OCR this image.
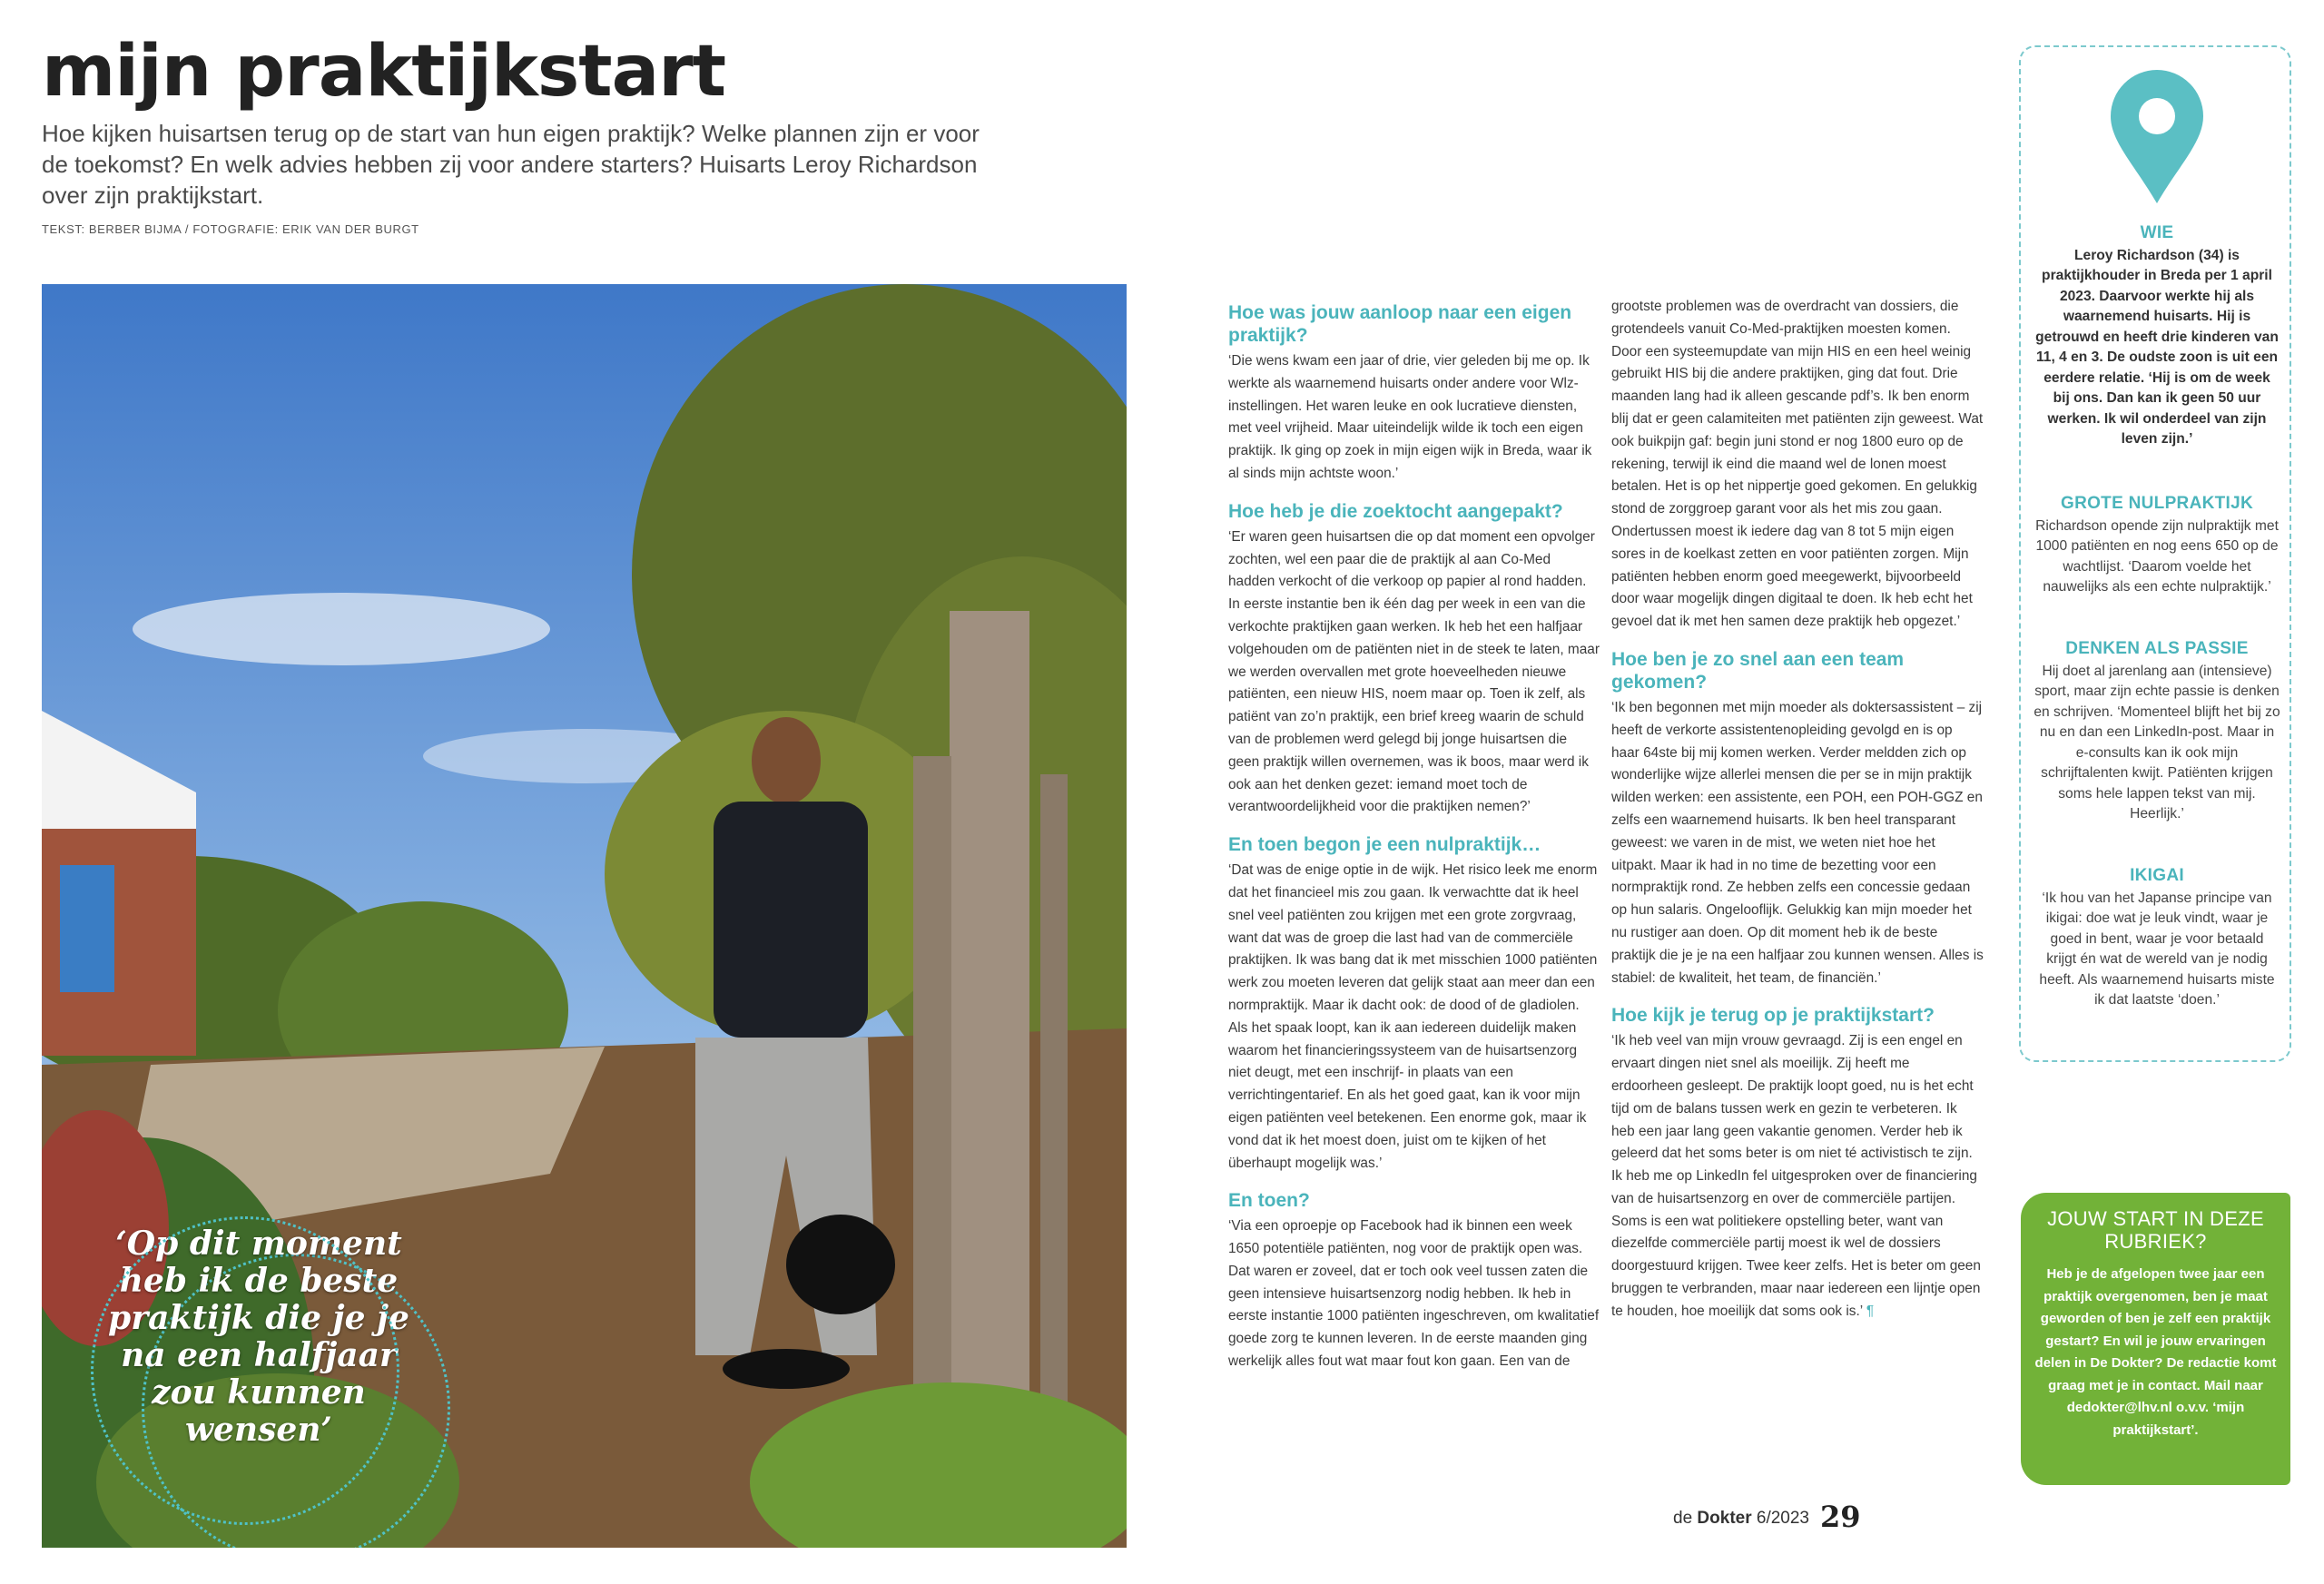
mijn praktijkstart

Hoe kijken huisartsen terug op de start van hun eigen praktijk? Welke plannen zijn er voor de toekomst? En welk advies hebben zij voor andere starters? Huisarts Leroy Richardson over zijn praktijkstart.

TEKST: BERBER BIJMA / FOTOGRAFIE: ERIK VAN DER BURGT
‘Op dit moment heb ik de beste praktijk die je je na een halfjaar zou kunnen wensen’
Hoe was jouw aanloop naar een eigen praktijk?

‘Die wens kwam een jaar of drie, vier geleden bij me op. Ik werkte als waarnemend huisarts onder andere voor Wlz-instellingen. Het waren leuke en ook lucratieve diensten, met veel vrijheid. Maar uiteindelijk wilde ik toch een eigen praktijk. Ik ging op zoek in mijn eigen wijk in Breda, waar ik al sinds mijn achtste woon.’

Hoe heb je die zoektocht aangepakt?

‘Er waren geen huisartsen die op dat moment een opvolger zochten, wel een paar die de praktijk al aan Co-Med hadden verkocht of die verkoop op papier al rond hadden. In eerste instantie ben ik één dag per week in een van die verkochte praktijken gaan werken. Ik heb het een halfjaar volgehouden om de patiënten niet in de steek te laten, maar we werden overvallen met grote hoeveelheden nieuwe patiënten, een nieuw HIS, noem maar op. Toen ik zelf, als patiënt van zo’n praktijk, een brief kreeg waarin de schuld van de problemen werd gelegd bij jonge huisartsen die geen praktijk willen overnemen, was ik boos, maar werd ik ook aan het denken gezet: iemand moet toch de verantwoordelijkheid voor die praktijken nemen?’

En toen begon je een nulpraktijk…

‘Dat was de enige optie in de wijk. Het risico leek me enorm dat het financieel mis zou gaan. Ik verwachtte dat ik heel snel veel patiënten zou krijgen met een grote zorgvraag, want dat was de groep die last had van de commerciële praktijken. Ik was bang dat ik met misschien 1000 patiënten werk zou moeten leveren dat gelijk staat aan meer dan een normpraktijk. Maar ik dacht ook: de dood of de gladiolen. Als het spaak loopt, kan ik aan iedereen duidelijk maken waarom het financieringssysteem van de huisartsenzorg niet deugt, met een inschrijf- in plaats van een verrichtingentarief. En als het goed gaat, kan ik voor mijn eigen patiënten veel betekenen. Een enorme gok, maar ik vond dat ik het moest doen, juist om te kijken of het überhaupt mogelijk was.’

En toen?

‘Via een oproepje op Facebook had ik binnen een week 1650 potentiële patiënten, nog voor de praktijk open was. Dat waren er zoveel, dat er toch ook veel tussen zaten die geen intensieve huisartsenzorg nodig hebben. Ik heb in eerste instantie 1000 patiënten ingeschreven, om kwalitatief goede zorg te kunnen leveren. In de eerste maanden ging werkelijk alles fout wat maar fout kon gaan. Een van de

grootste problemen was de overdracht van dossiers, die grotendeels vanuit Co-Med-praktijken moesten komen. Door een systeemupdate van mijn HIS en een heel weinig gebruikt HIS bij die andere praktijken, ging dat fout. Drie maanden lang had ik alleen gescande pdf’s. Ik ben enorm blij dat er geen calamiteiten met patiënten zijn geweest. Wat ook buikpijn gaf: begin juni stond er nog 1800 euro op de rekening, terwijl ik eind die maand wel de lonen moest betalen. Het is op het nippertje goed gekomen. En gelukkig stond de zorggroep garant voor als het mis zou gaan. Ondertussen moest ik iedere dag van 8 tot 5 mijn eigen sores in de koelkast zetten en voor patiënten zorgen. Mijn patiënten hebben enorm goed meegewerkt, bijvoorbeeld door waar mogelijk dingen digitaal te doen. Ik heb echt het gevoel dat ik met hen samen deze praktijk heb opgezet.’

Hoe ben je zo snel aan een team gekomen?

‘Ik ben begonnen met mijn moeder als doktersassistent – zij heeft de verkorte assistentenopleiding gevolgd en is op haar 64ste bij mij komen werken. Verder meldden zich op wonderlijke wijze allerlei mensen die per se in mijn praktijk wilden werken: een assistente, een POH, een POH-GGZ en zelfs een waarnemend huisarts. Ik ben heel transparant geweest: we varen in de mist, we weten niet hoe het uitpakt. Maar ik had in no time de bezetting voor een normpraktijk rond. Ze hebben zelfs een concessie gedaan op hun salaris. Ongelooflijk. Gelukkig kan mijn moeder het nu rustiger aan doen. Op dit moment heb ik de beste praktijk die je je na een halfjaar zou kunnen wensen. Alles is stabiel: de kwaliteit, het team, de financiën.’

Hoe kijk je terug op je praktijkstart?

‘Ik heb veel van mijn vrouw gevraagd. Zij is een engel en ervaart dingen niet snel als moeilijk. Zij heeft me erdoorheen gesleept. De praktijk loopt goed, nu is het echt tijd om de balans tussen werk en gezin te verbeteren. Ik heb een jaar lang geen vakantie genomen. Verder heb ik geleerd dat het soms beter is om niet té activistisch te zijn. Ik heb me op LinkedIn fel uitgesproken over de financiering van de huisartsenzorg en over de commerciële partijen. Soms is een wat politiekere opstelling beter, want van diezelfde commerciële partij moest ik wel de dossiers doorgestuurd krijgen. Twee keer zelfs. Het is beter om geen bruggen te verbranden, maar naar iedereen een lijntje open te houden, hoe moeilijk dat soms ook is.’ ¶

WIE
Leroy Richardson (34) is praktijkhouder in Breda per 1 april 2023. Daarvoor werkte hij als waarnemend huisarts. Hij is getrouwd en heeft drie kinderen van 11, 4 en 3. De oudste zoon is uit een eerdere relatie. ‘Hij is om de week bij ons. Dan kan ik geen 50 uur werken. Ik wil onderdeel van zijn leven zijn.’
GROTE NULPRAKTIJK
Richardson opende zijn nulpraktijk met 1000 patiënten en nog eens 650 op de wachtlijst. ‘Daarom voelde het nauwelijks als een echte nulpraktijk.’
DENKEN ALS PASSIE
Hij doet al jarenlang aan (intensieve) sport, maar zijn echte passie is denken en schrijven. ‘Momenteel blijft het bij zo nu en dan een LinkedIn-post. Maar in e-consults kan ik ook mijn schrijftalenten kwijt. Patiënten krijgen soms hele lappen tekst van mij. Heerlijk.’
IKIGAI
‘Ik hou van het Japanse principe van ikigai: doe wat je leuk vindt, waar je goed in bent, waar je voor betaald krijgt én wat de wereld van je nodig heeft. Als waarnemend huisarts miste ik dat laatste ‘doen.’
JOUW START IN DEZE RUBRIEK?
Heb je de afgelopen twee jaar een praktijk overgenomen, ben je maat geworden of ben je zelf een praktijk gestart? En wil je jouw ervaringen delen in De Dokter? De redactie komt graag met je in contact. Mail naar dedokter@lhv.nl o.v.v. ‘mijn praktijkstart’.
de Dokter 6/2023 29
